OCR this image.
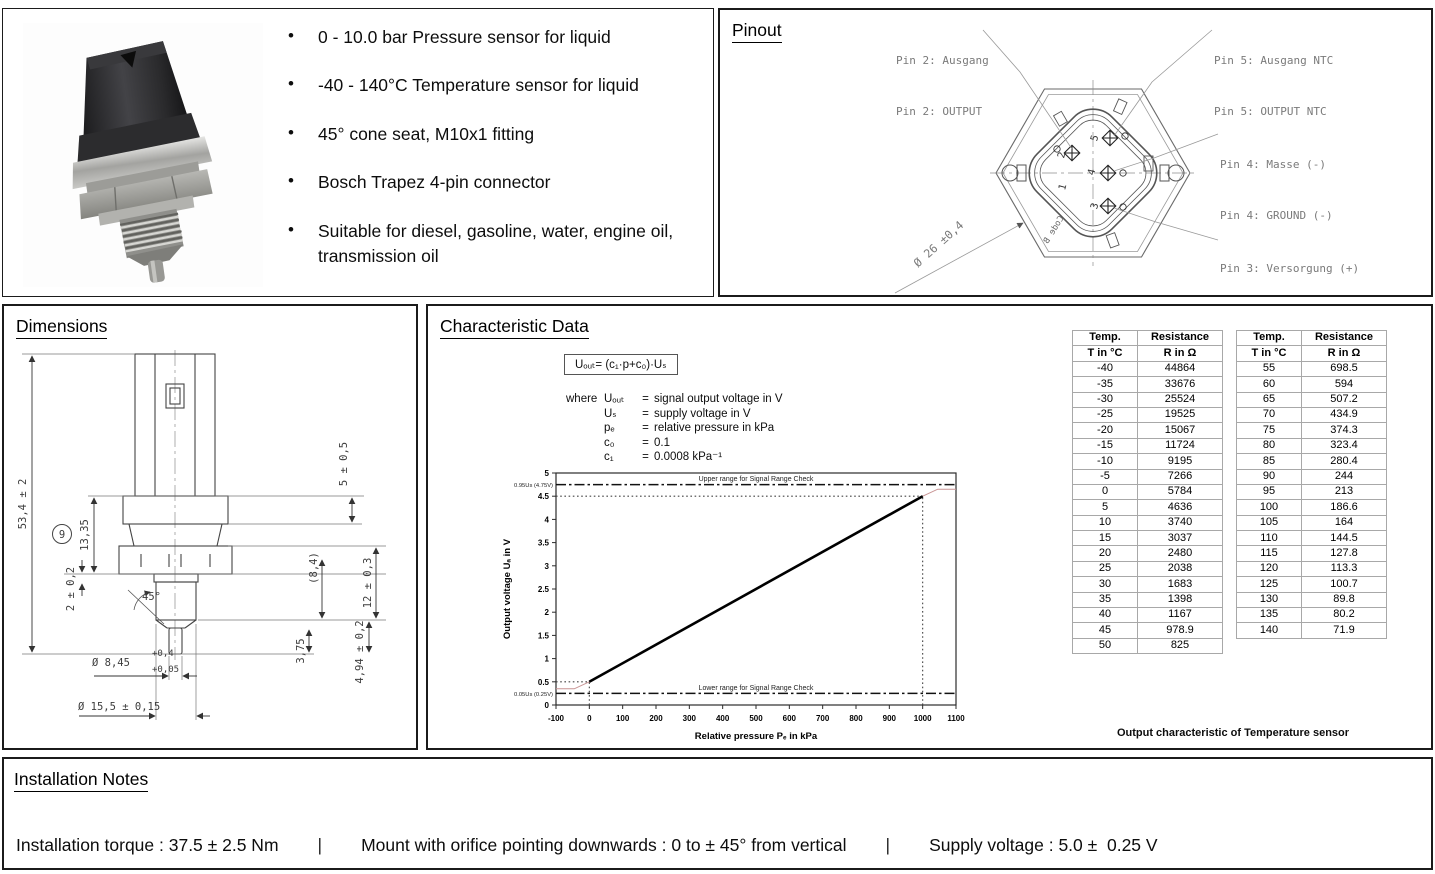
• 0 - 10.0 bar Pressure sensor for liquid
• -40 - 140°C Temperature sensor for liquid
• 45° cone seat, M10x1 fitting
• Bosch Trapez 4-pin connector
• Suitable for diesel, gasoline, water, engine oil, transmission oil
2
5
4
3
1
Code B
Pinout

Pin 2: Ausgang

Pin 2: OUTPUT

Pin 5: Ausgang NTC

Pin 5: OUTPUT NTC

Pin 4: Masse (-)

Pin 4: GROUND (-)

Pin 3: Versorgung (+)

Ø 26 ±0,4
9
53,4 ± 2
13,35
5 ± 0,5
12 ± 0,3
(8,4)
2 ± 0,2	45°
3,75	4,94 ± 0,2
Ø 8,45
+0,4
+0,05
Ø 15,5 ± 0,15
Dimensions	Characteristic Data
Uₒᵤₜ= (c₁·p+c₀)·Uₛ
where Uₒᵤₜ	= signal output voltage in V
Uₛ	= supply voltage in V
pₑ	= relative pressure in kPa
c₀	= 0.1
c₁	= 0.0008 kPa⁻¹
-100	0	100 200 300 400 500 600 700 800 900 1000 1100
0
0.5
1
1.5
2
2.5
3
3.5
4
4.5
5
Upper range for Signal Range Check
0.95Us (4.75V)
Lower range for Signal Range Check
0.05Us (0.25V)
Relative pressure Pₑ in kPa
Output voltage Uₐ in V
Temp.	Resistance
T in °C	R in Ω
-40	44864
-35	33676
-30	25524
-25	19525
-20	15067
-15	11724
-10	9195
-5	7266
0	5784
5	4636
10	3740
15	3037
20	2480
25	2038
30	1683
35	1398
40	1167
45	978.9
50	825
Temp.	Resistance
T in °C	R in Ω
55	698.5
60	594
65	507.2
70	434.9
75	374.3
80	323.4
85	280.4
90	244
95	213
100	186.6
105	164
110	144.5
115	127.8
120	113.3
125	100.7
130	89.8
135	80.2
140	71.9
Output characteristic of Temperature sensor
Installation Notes
Installation torque : 37.5 ± 2.5 Nm | Mount with orifice pointing downwards : 0 to ± 45° from vertical | Supply voltage : 5.0 ±  0.25 V
